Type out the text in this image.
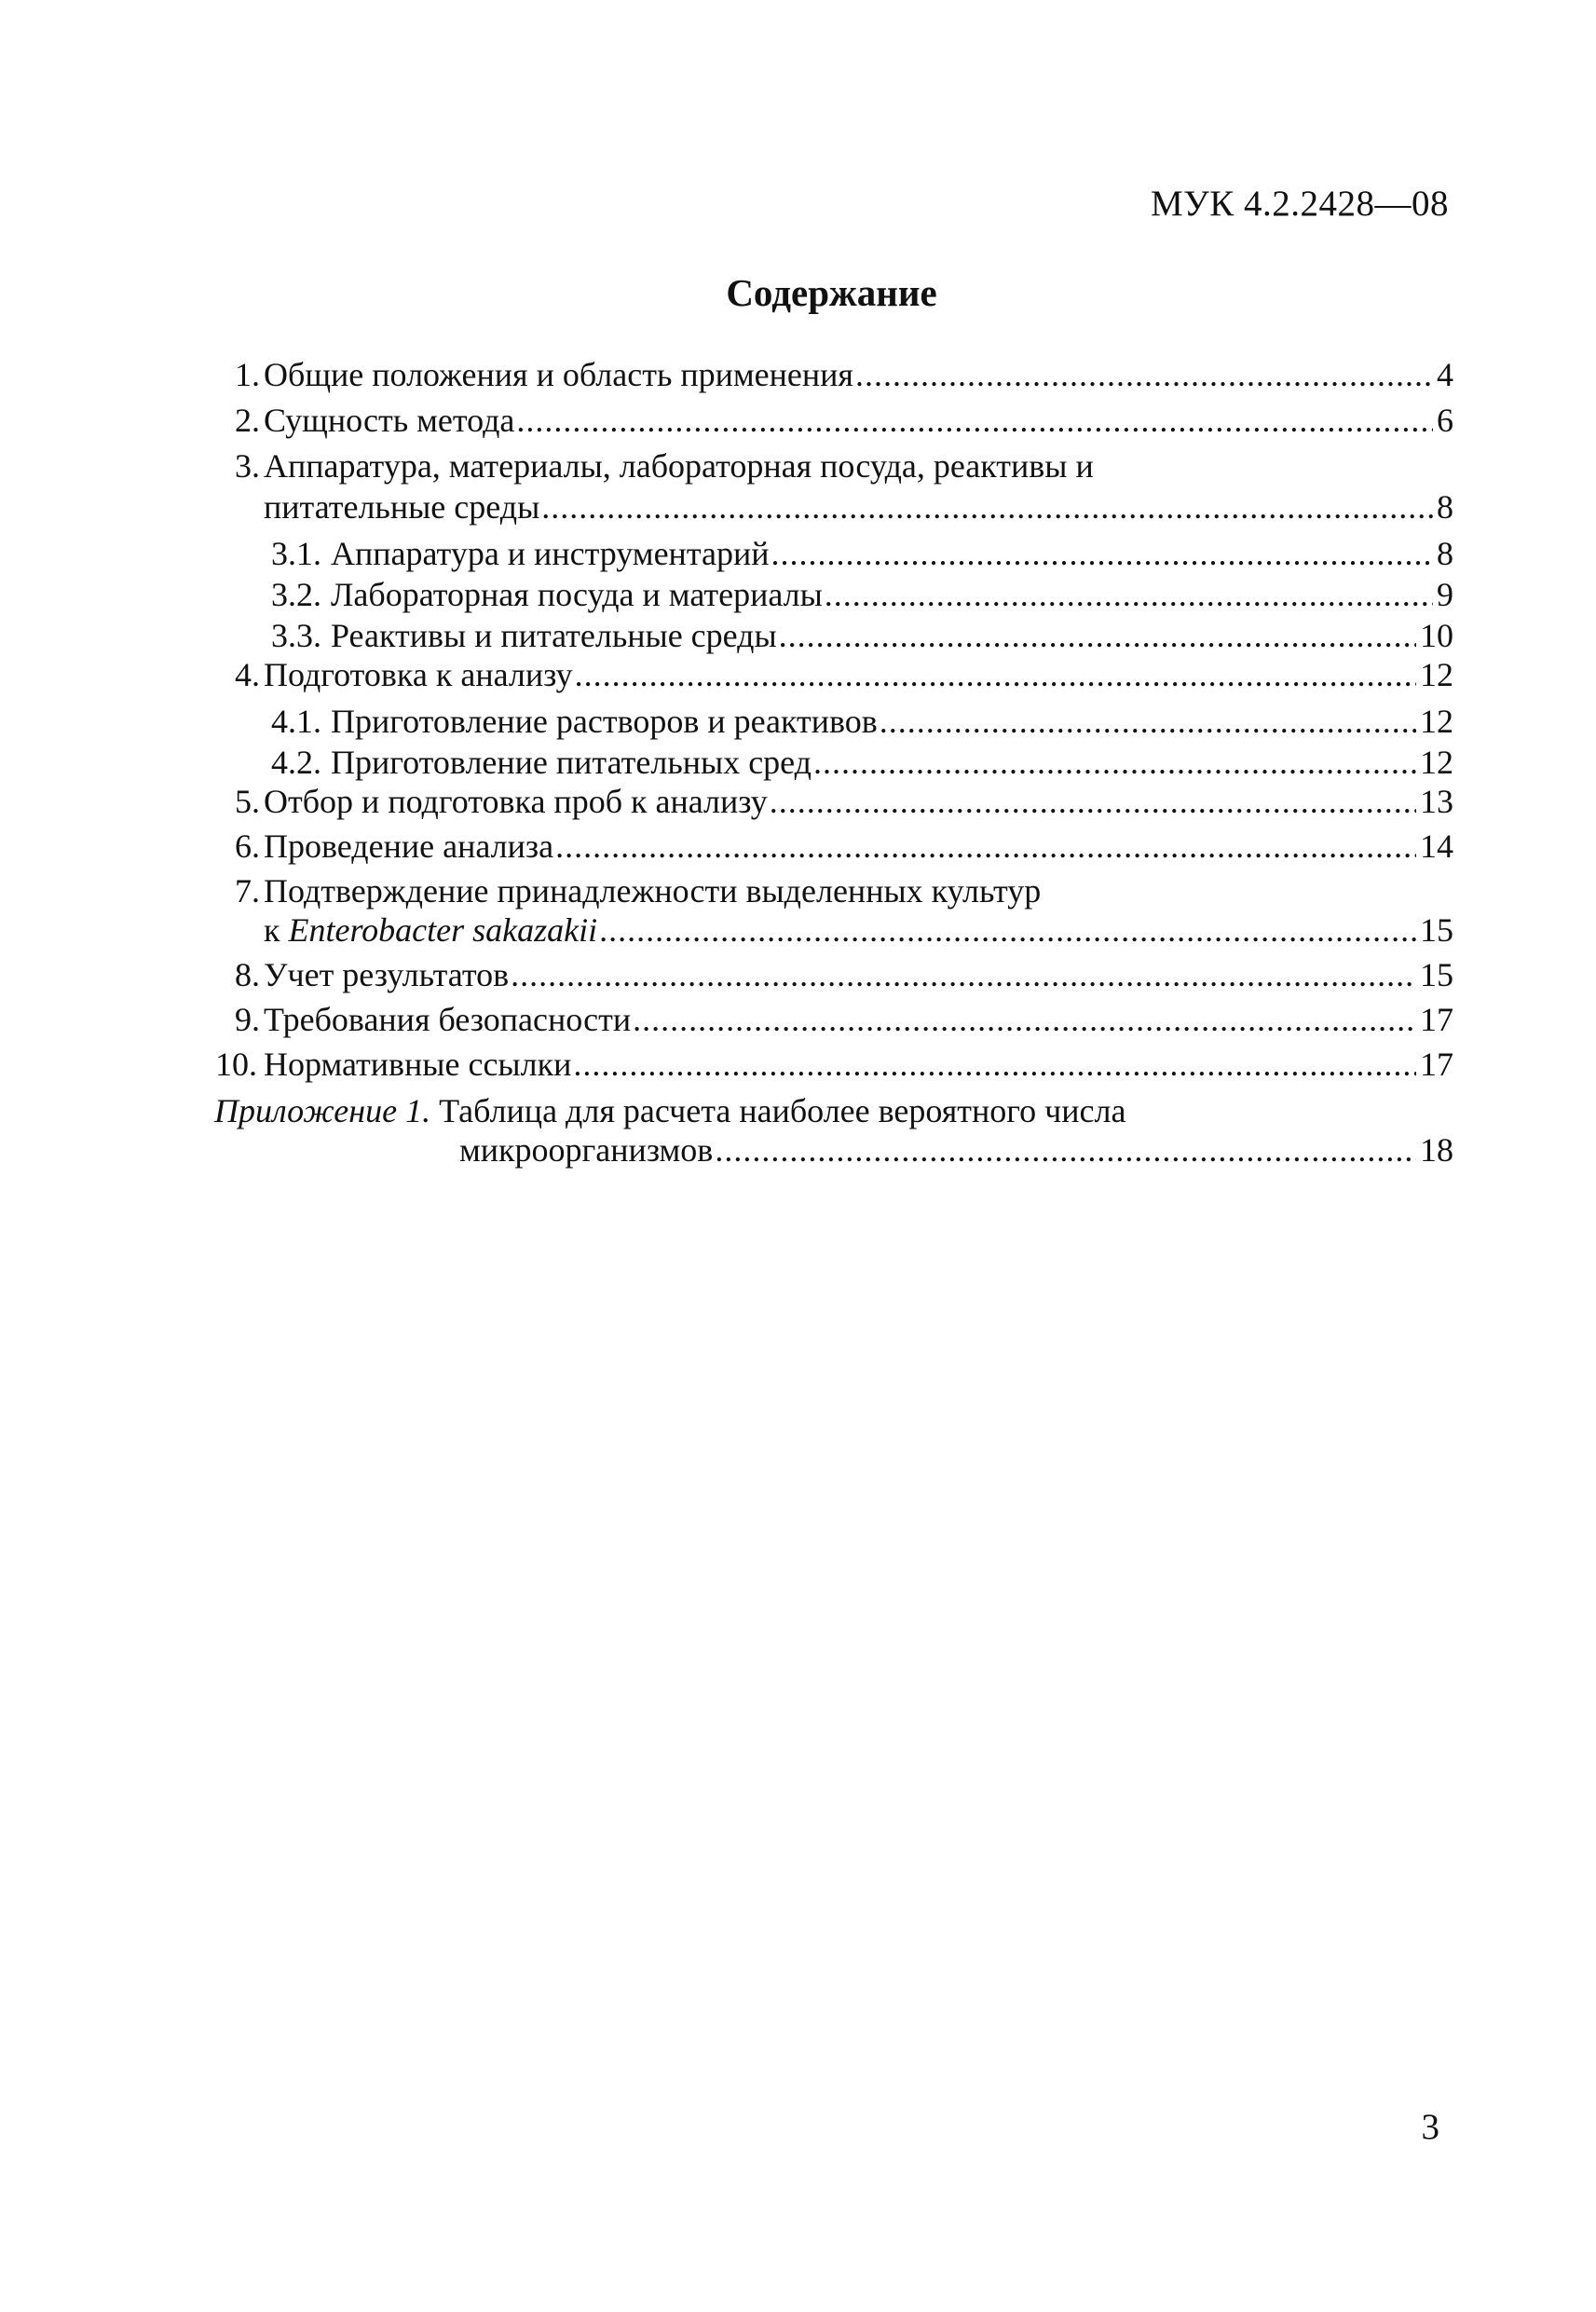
МУК 4.2.2428—08
Содержание
1. Общие положения и область применения .....	4
2. Сущность метода .....	6
3. Аппаратура, материалы, лабораторная посуда, реактивы и
питательные среды .....	8
3.1. Аппаратура и инструментарий .....	8
3.2. Лабораторная посуда и материалы .....	9
3.3. Реактивы и питательные среды .....	10
4. Подготовка к анализу .....	12
4.1. Приготовление растворов и реактивов .....	12
4.2. Приготовление питательных сред .....	12
5. Отбор и подготовка проб к анализу .....	13
6. Проведение анализа .....	14
7. Подтверждение принадлежности выделенных культур
к Enterobacter sakazakii .....	15
8. Учет результатов .....	15
9. Требования безопасности .....	17
10. Нормативные ссылки .....	17
Приложение 1. Таблица для расчета наиболее вероятного числа
микроорганизмов .....	18
3
